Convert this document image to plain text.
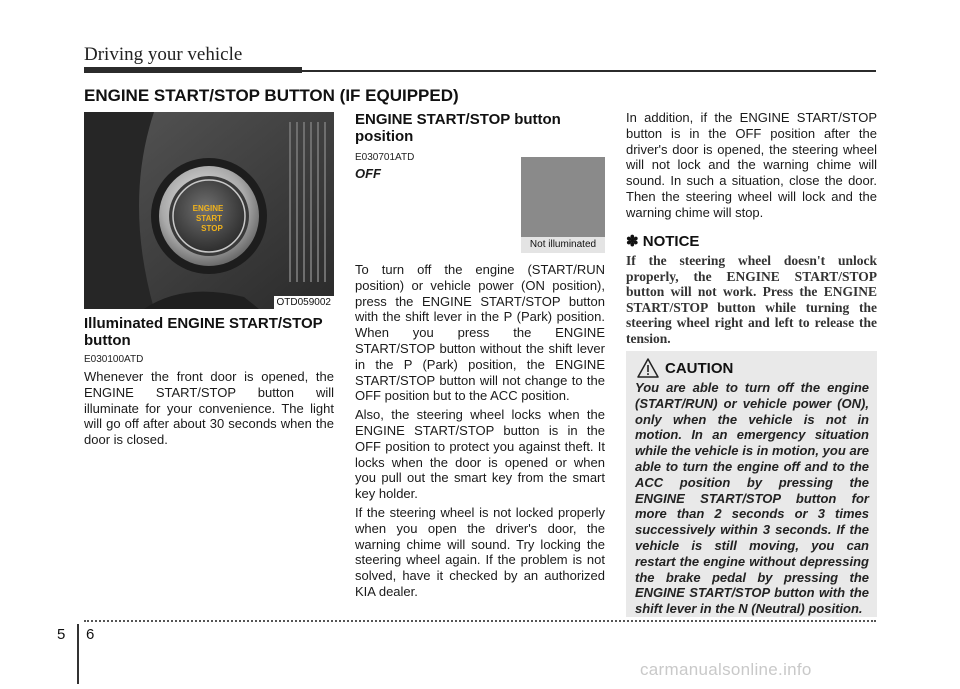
Driving your vehicle
ENGINE START/STOP BUTTON (IF EQUIPPED)
ENGINE
START
STOP
OTD059002
Illuminated ENGINE START/STOP button
E030100ATD
Whenever the front door is opened, the ENGINE START/STOP button will illuminate for your convenience. The light will go off after about 30 seconds when the door is closed.
ENGINE START/STOP button position
E030701ATD
OFF
Not illuminated

To turn off the engine (START/RUN position) or vehicle power (ON position), press the ENGINE START/STOP button with the shift lever in the P (Park) position. When you press the ENGINE START/STOP button without the shift lever in the P (Park) position, the ENGINE START/STOP button will not change to the OFF position but to the ACC position.

Also, the steering wheel locks when the ENGINE START/STOP button is in the OFF position to protect you against theft. It locks when the door is opened or when you pull out the smart key from the smart key holder.

If the steering wheel is not locked properly when you open the driver's door, the warning chime will sound. Try locking the steering wheel again. If the problem is not solved, have it checked by an authorized KIA dealer.

In addition, if the ENGINE START/STOP button is in the OFF position after the driver's door is opened, the steering wheel will not lock and the warning chime will sound. In such a situation, close the door. Then the steering wheel will lock and the warning chime will stop.
✽ NOTICE
If the steering wheel doesn't unlock properly, the ENGINE START/STOP button will not work. Press the ENGINE START/STOP button while turning the steering wheel right and left to release the tension.
CAUTION
You are able to turn off the engine (START/RUN) or vehicle power (ON), only when the vehicle is not in motion. In an emergency situation while the vehicle is in motion, you are able to turn the engine off and to the ACC position by pressing the ENGINE START/STOP button for more than 2 seconds or 3 times successively within 3 seconds. If the vehicle is still moving, you can restart the engine without depressing the brake pedal by pressing the ENGINE START/STOP button with the shift lever in the N (Neutral) position.
5 6
carmanualsonline.info
